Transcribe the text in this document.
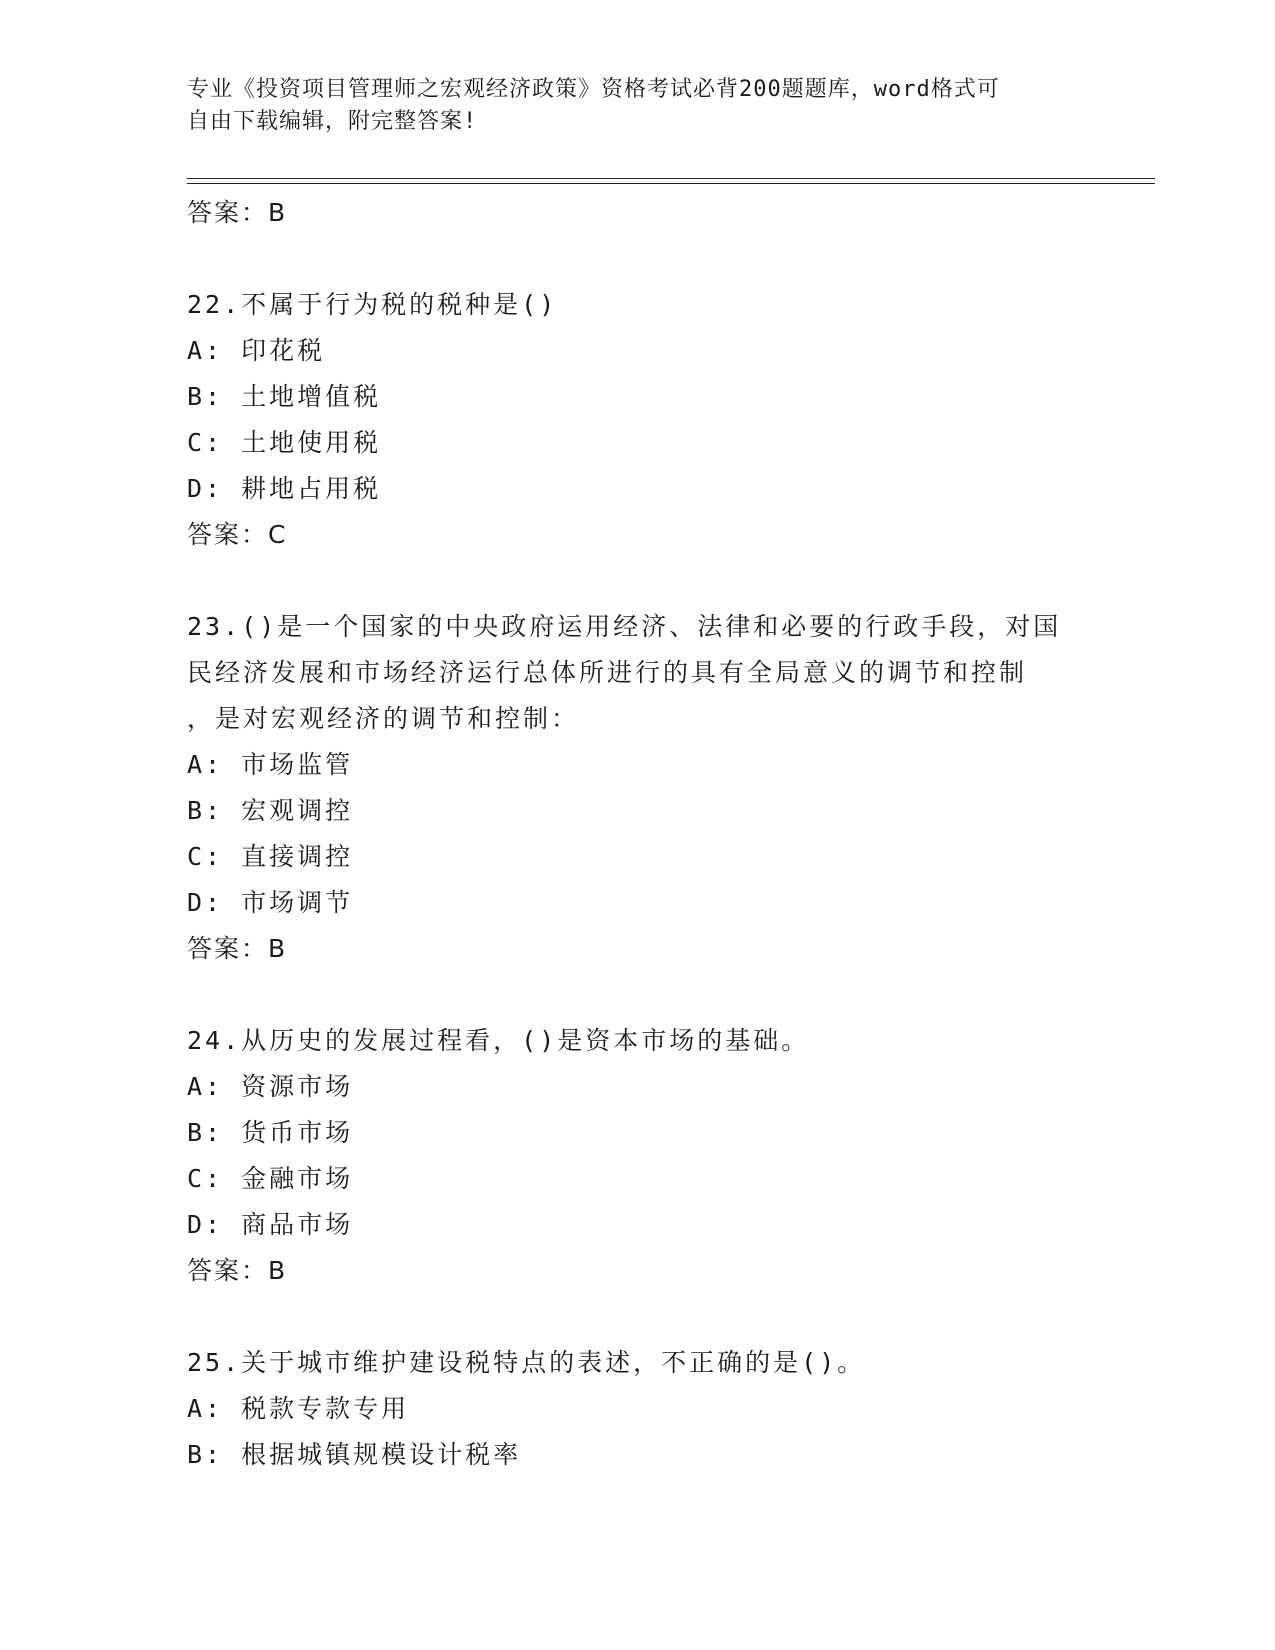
专业《投资项目管理师之宏观经济政策》资格考试必背200题题库，word格式可
自由下载编辑，附完整答案!
答案：B
22.不属于行为税的税种是()
A: 印花税
B: 土地增值税
C: 土地使用税
D: 耕地占用税
答案：C
23.()是一个国家的中央政府运用经济、法律和必要的行政手段，对国
民经济发展和市场经济运行总体所进行的具有全局意义的调节和控制
，是对宏观经济的调节和控制：
A: 市场监管
B: 宏观调控
C: 直接调控
D: 市场调节
答案：B
24.从历史的发展过程看，()是资本市场的基础。
A: 资源市场
B: 货币市场
C: 金融市场
D: 商品市场
答案：B
25.关于城市维护建设税特点的表述，不正确的是()。
A: 税款专款专用
B: 根据城镇规模设计税率
